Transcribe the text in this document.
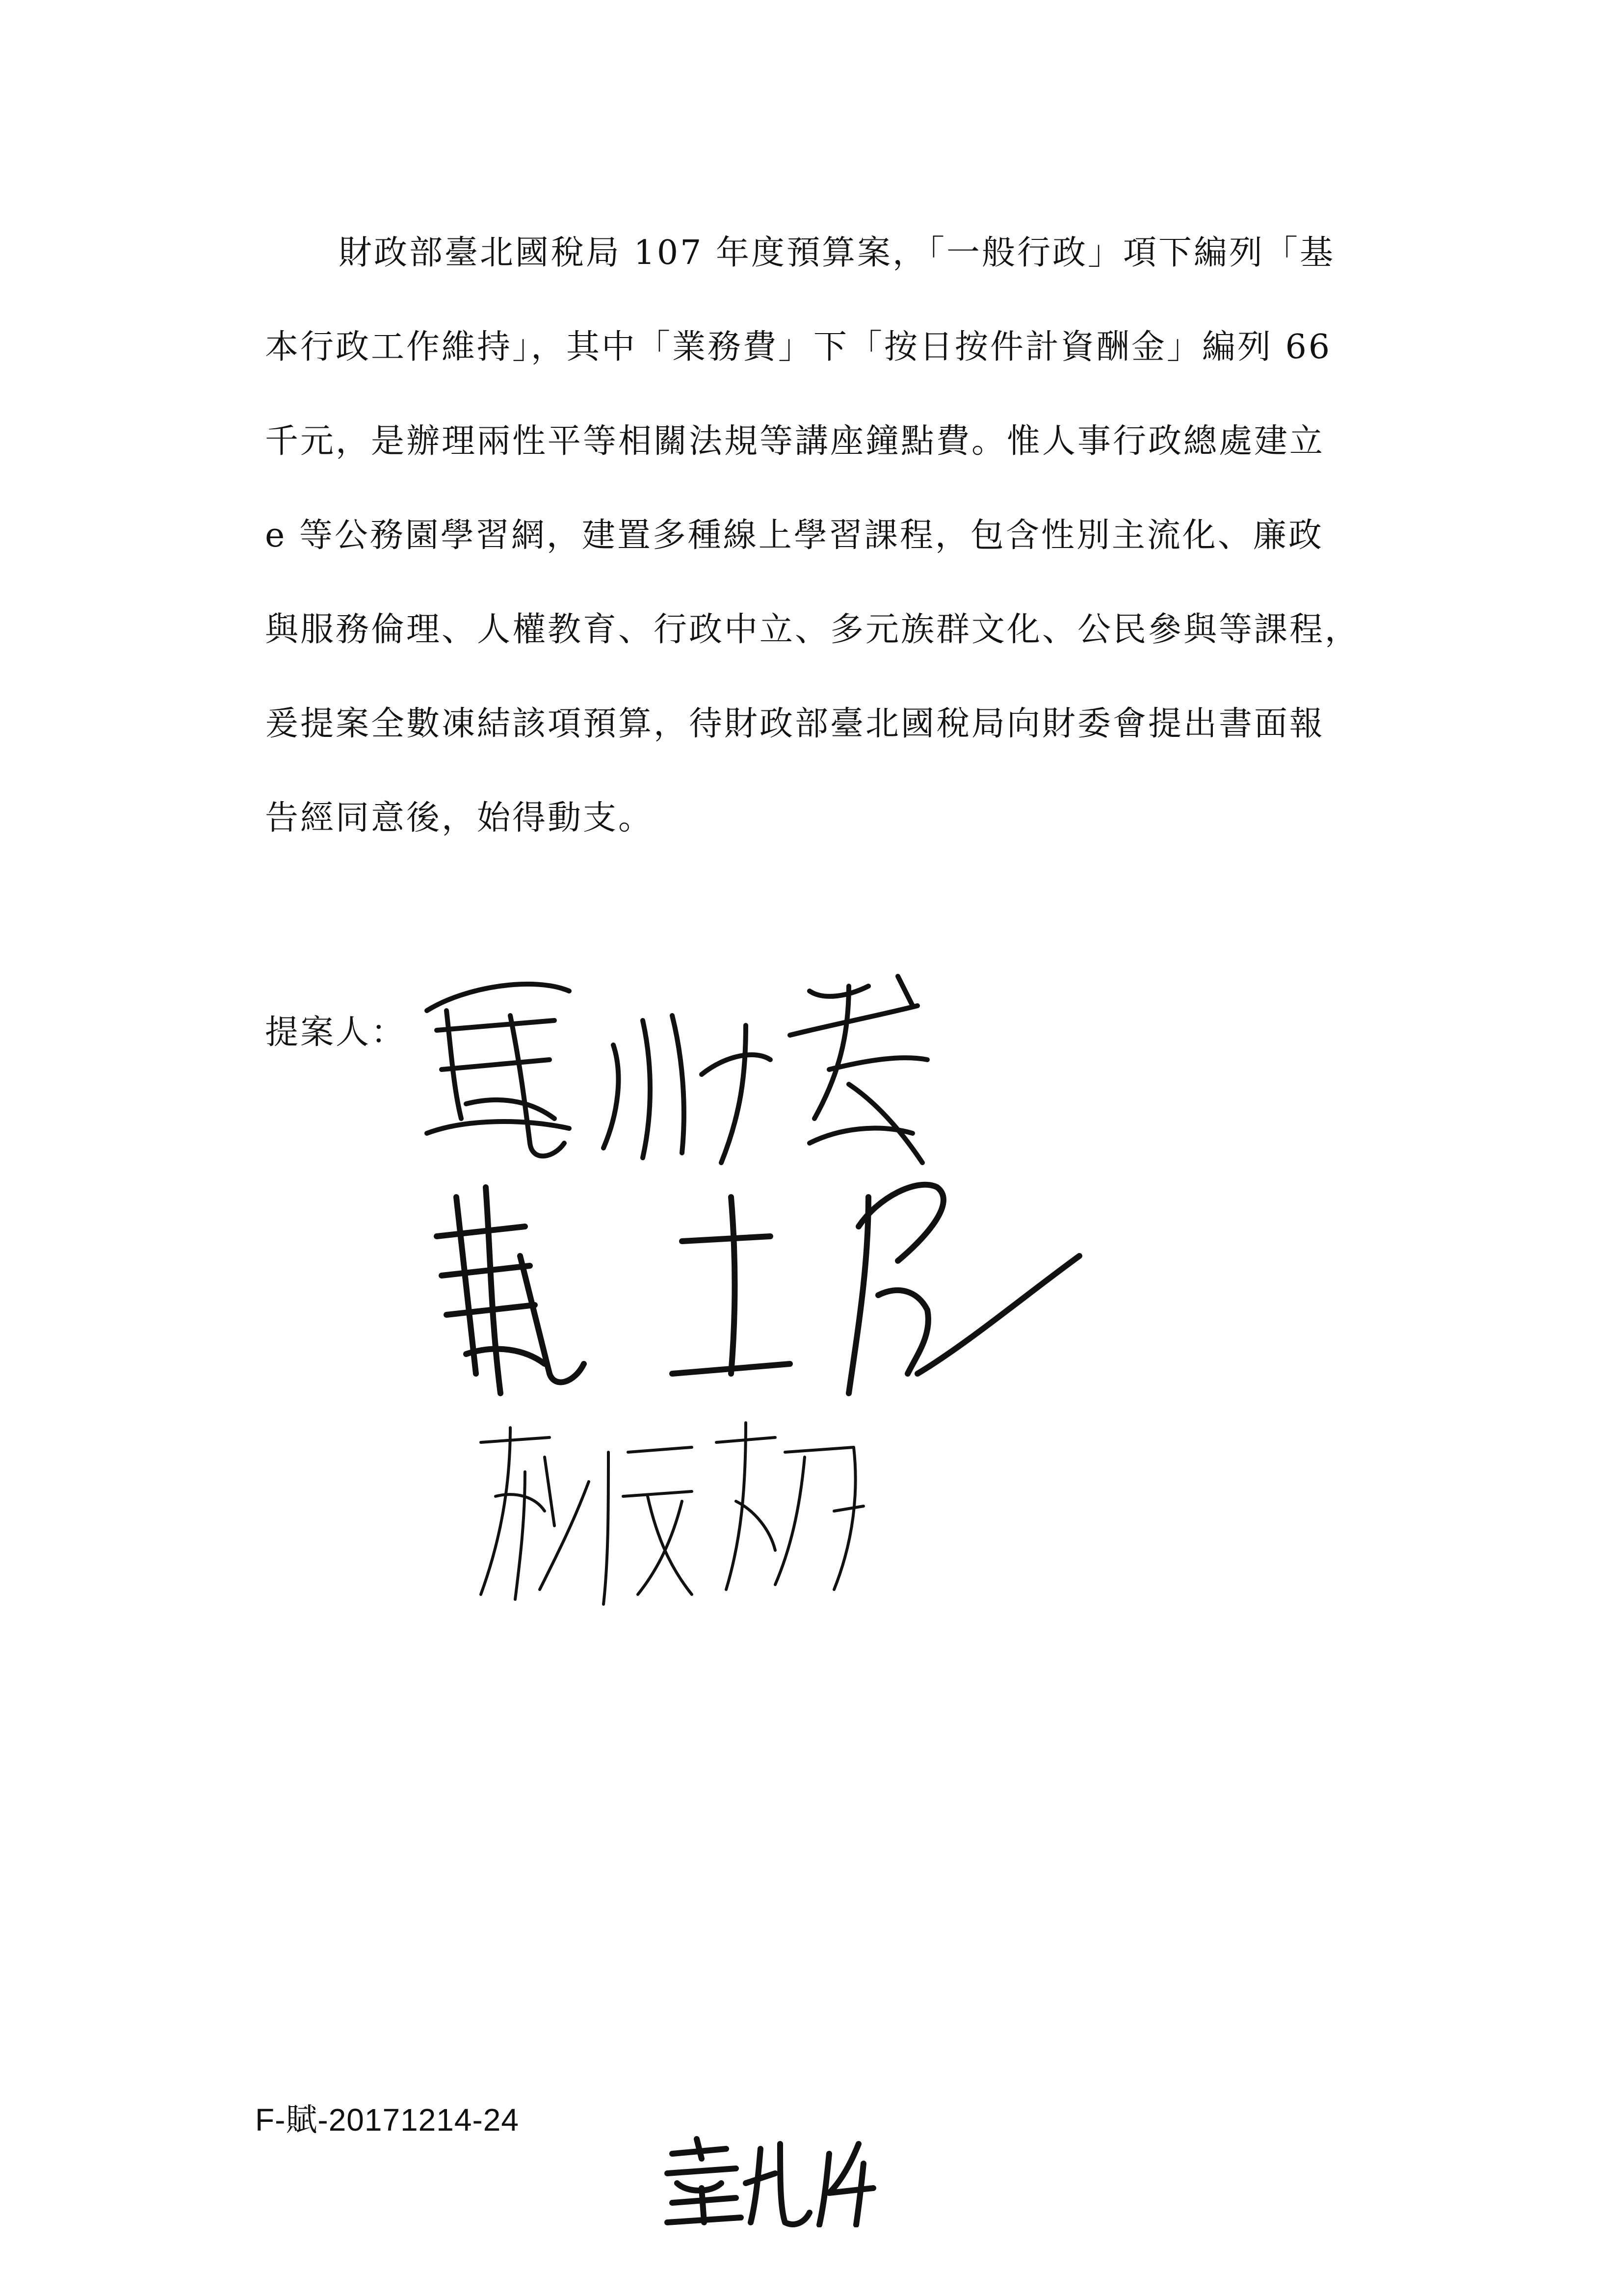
財政部臺北國稅局 107 年度預算案，「一般行政」項下編列「基
本行政工作維持」，其中「業務費」下「按日按件計資酬金」編列 66
千元，是辦理兩性平等相關法規等講座鐘點費。惟人事行政總處建立
e 等公務園學習網，建置多種線上學習課程，包含性別主流化、廉政
與服務倫理、人權教育、行政中立、多元族群文化、公民參與等課程，
爰提案全數凍結該項預算，待財政部臺北國稅局向財委會提出書面報
告經同意後，始得動支。
提案人：
F-賦-20171214-24
